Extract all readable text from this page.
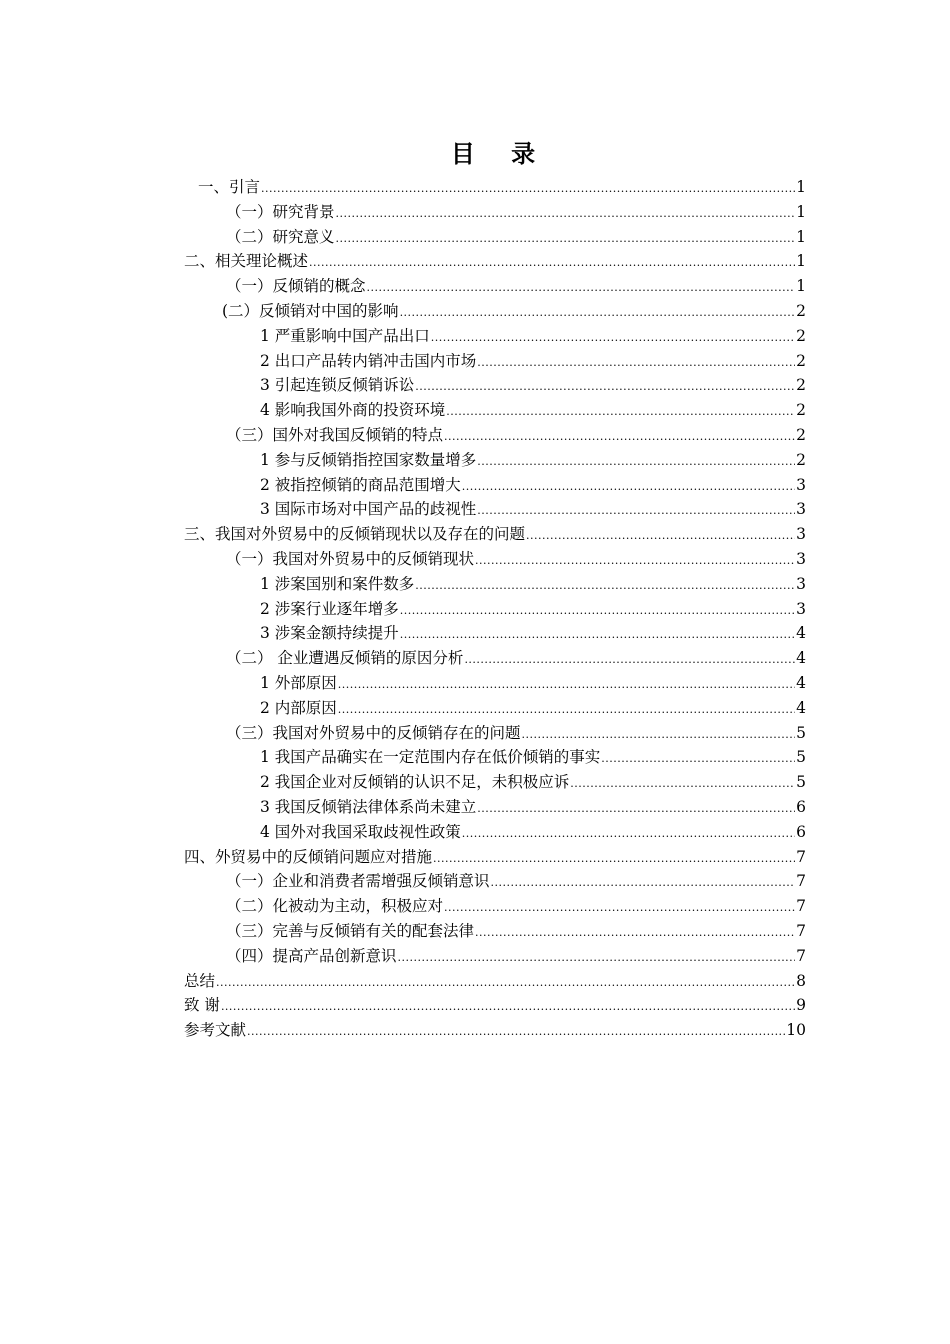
目 录
一、引言 .....	1
（一）研究背景 .....	1
（二）研究意义 .....	1
二、相关理论概述 .....	1
（一）反倾销的概念 .....	1
(二）反倾销对中国的影响 .....	2
1 严重影响中国产品出口 .....	2
2 出口产品转内销冲击国内市场 .....	2
3 引起连锁反倾销诉讼 .....	2
4 影响我国外商的投资环境 .....	2
（三）国外对我国反倾销的特点 .....	2
1 参与反倾销指控国家数量增多 .....	2
2 被指控倾销的商品范围增大 .....	3
3 国际市场对中国产品的歧视性 .....	3
三、我国对外贸易中的反倾销现状以及存在的问题 .....	3
（一）我国对外贸易中的反倾销现状 .....	3
1 涉案国别和案件数多 .....	3
2 涉案行业逐年增多 .....	3
3 涉案金额持续提升 .....	4
（二） 企业遭遇反倾销的原因分析 .....	4
1 外部原因 .....	4
2 内部原因 .....	4
（三）我国对外贸易中的反倾销存在的问题 .....	5
1 我国产品确实在一定范围内存在低价倾销的事实 .....	5
2 我国企业对反倾销的认识不足，未积极应诉 .....	5
3 我国反倾销法律体系尚未建立 .....	6
4 国外对我国采取歧视性政策 .....	6
四、外贸易中的反倾销问题应对措施 .....	7
（一）企业和消费者需增强反倾销意识 .....	7
（二）化被动为主动，积极应对 .....	7
（三）完善与反倾销有关的配套法律 .....	7
（四）提高产品创新意识 .....	7
总结 .....	8
致 谢 .....	9
参考文献 .....	10
